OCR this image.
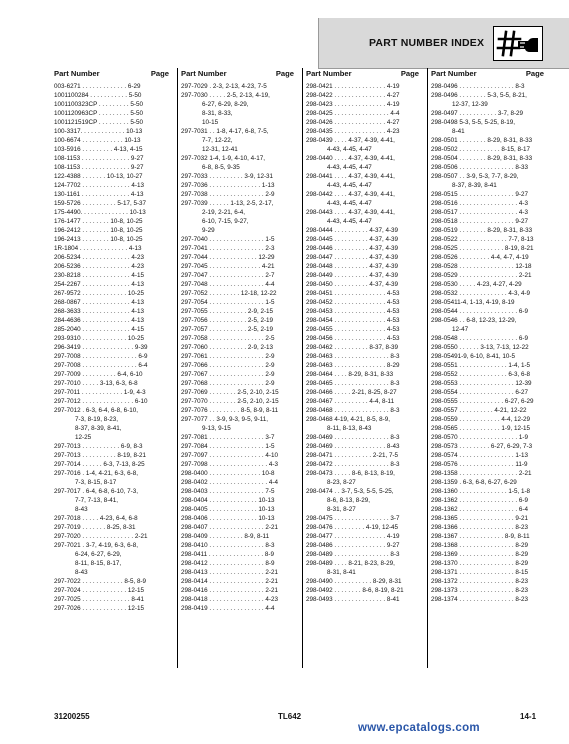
PART NUMBER INDEX
Part Number	Page
003-6271 . . . . . . . . . . . . . 6-29
1001100284 . . . . . . . . . . . 5-50
1001100323CP . . . . . . . . . 5-50
1001120963CP . . . . . . . . . 5-50
1001121519CP . . . . . . . . . 5-50
100-3317. . . . . . . . . . . . . 10-13
100-6674 . . . . . . . . . . . . 10-13
103-5916 . . . . . . . . . 4-13, 4-15
108-1153 . . . . . . . . . . . . . . 9-27
108-1153 . . . . . . . . . . . . . . 9-27
122-4388 . . . . . . . 10-13, 10-27
124-7702 . . . . . . . . . . . . . . 4-13
130-1161 . . . . . . . . . . . . . . 4-13
159-5726 . . . . . . . . . . 5-17, 5-37
175-4490. . . . . . . . . . . . . . 10-13
176-1477 . . . . . . . . 10-8, 10-25
196-2412 . . . . . . . . 10-8, 10-25
196-2413 . . . . . . . . 10-8, 10-25
1R-1804 . . . . . . . . . . . . . . 4-13
206-5234 . . . . . . . . . . . . . . 4-23
206-5236 . . . . . . . . . . . . . . 4-23
230-8218 . . . . . . . . . . . . . . 4-15
254-2267 . . . . . . . . . . . . . . 4-13
267-9572 . . . . . . . . . . . . . 10-25
268-0867 . . . . . . . . . . . . . . 4-13
268-3633 . . . . . . . . . . . . . . 4-13
284-4636 . . . . . . . . . . . . . . 4-13
285-2040 . . . . . . . . . . . . . . 4-15
293-9310 . . . . . . . . . . . . . 10-25
296-3419 . . . . . . . . . . . . . . . 9-39
297-7008 . . . . . . . . . . . . . . . . 6-9
297-7008 . . . . . . . . . . . . . . . . 6-4
297-7009 . . . . . . . . . . 6-4, 6-10
297-7010 . . . . . 3-13, 6-3, 6-8
297-7011 . . . . . . . . . . . . 1-9, 4-3
297-7012 . . . . . . . . . . . . . . . 6-10
297-7012 . 6-3, 6-4, 6-8, 6-10,
7-3, 8-19, 8-23,
8-37, 8-39, 8-41,
12-25
297-7013 . . . . . . . . . . . 6-9, 8-3
297-7013 . . . . . . . . . . 8-19, 8-21
297-7014 . . . . . . 6-3, 7-13, 8-25
297-7016 . 1-4, 4-21, 6-3, 6-8,
7-3, 8-15, 8-17
297-7017 . 6-4, 6-8, 6-10, 7-3,
7-7, 7-13, 8-41,
8-43
297-7018 . . . . . 4-23, 6-4, 6-8
297-7019 . . . . . . . 8-25, 8-31
297-7020 . . . . . . . . . . . . . . . 2-21
297-7021 . 3-7, 4-19, 6-3, 6-8,
6-24, 6-27, 6-29,
8-11, 8-15, 8-17,
8-43
297-7022 . . . . . . . . . . . . 8-5, 8-9
297-7024 . . . . . . . . . . . . . 12-15
297-7025 . . . . . . . . . . . . . . 8-41
297-7026 . . . . . . . . . . . . . 12-15
Part Number	Page
297-7029 . 2-3, 2-13, 4-23, 7-5
297-7030 . . . . . 2-5, 2-13, 4-19,
6-27, 6-29, 8-29,
8-31, 8-33,
10-15
297-7031 . . 1-8, 4-17, 6-8, 7-5,
7-7, 12-22,
12-31, 12-41
297-7032 1-4, 1-9, 4-10, 4-17,
6-8, 8-5, 9-35
297-7033 . . . . . . . . . . 3-9, 12-31
297-7036 . . . . . . . . . . . . . . . 1-13
297-7038 . . . . . . . . . . . . . . . . 2-9
297-7039 . . . . . . 1-13, 2-5, 2-17,
2-19, 2-21, 6-4,
6-10, 7-15, 9-27,
9-29
297-7040 . . . . . . . . . . . . . . . . 1-5
297-7041 . . . . . . . . . . . . . . . . 2-3
297-7044 . . . . . . . . . . . . . . 12-29
297-7045 . . . . . . . . . . . . . . . 4-21
297-7047 . . . . . . . . . . . . . . . . 2-7
297-7048 . . . . . . . . . . . . . . . . 4-4
297-7052 . . . . . . . . . 12-18, 12-22
297-7054 . . . . . . . . . . . . . . . . 1-5
297-7055 . . . . . . . . . . . 2-9, 2-15
297-7056 . . . . . . . . . . . 2-5, 2-19
297-7057 . . . . . . . . . . . 2-5, 2-19
297-7058 . . . . . . . . . . . . . . . . 2-5
297-7060 . . . . . . . . . . . 2-9, 2-13
297-7061 . . . . . . . . . . . . . . . . 2-9
297-7066 . . . . . . . . . . . . . . . . 2-9
297-7067 . . . . . . . . . . . . . . . . 2-9
297-7068 . . . . . . . . . . . . . . . . 2-9
297-7069 . . . . . . . . 2-5, 2-10, 2-15
297-7070 . . . . . . . . 2-5, 2-10, 2-15
297-7076 . . . . . . . . . 8-5, 8-9, 8-11
297-7077 . . 3-9, 9-3, 9-5, 9-11,
9-13, 9-15
297-7081 . . . . . . . . . . . . . . . . 3-7
297-7084 . . . . . . . . . . . . . . . . 1-5
297-7097 . . . . . . . . . . . . . . . . 4-10
297-7098 . . . . . . . . . . . . . . . . . 4-3
298-0400 . . . . . . . . . . . . . . . 10-8
298-0402 . . . . . . . . . . . . . . . . . 4-4
298-0403 . . . . . . . . . . . . . . . . 7-5
298-0404 . . . . . . . . . . . . . . 10-13
298-0405 . . . . . . . . . . . . . . 10-13
298-0406 . . . . . . . . . . . . . . 10-13
298-0407 . . . . . . . . . . . . . . . . 2-21
298-0409 . . . . . . . . . . 8-9, 8-11
298-0410 . . . . . . . . . . . . . . . . 8-3
298-0411 . . . . . . . . . . . . . . . . 8-9
298-0412 . . . . . . . . . . . . . . . . 8-9
298-0413 . . . . . . . . . . . . . . . . 2-21
298-0414 . . . . . . . . . . . . . . . . 2-21
298-0416 . . . . . . . . . . . . . . . . 2-21
298-0418 . . . . . . . . . . . . . . . . 4-23
298-0419 . . . . . . . . . . . . . . . . 4-4
Part Number	Page
298-0421 . . . . . . . . . . . . . . . 4-19
298-0422 . . . . . . . . . . . . . . . 4-27
298-0423 . . . . . . . . . . . . . . . 4-19
298-0425 . . . . . . . . . . . . . . . . 4-4
298-0426 . . . . . . . . . . . . . . . 4-27
298-0435 . . . . . . . . . . . . . . . 4-23
298-0439 . . . . 4-37, 4-39, 4-41,
4-43, 4-45, 4-47
298-0440 . . . . 4-37, 4-39, 4-41,
4-43, 4-45, 4-47
298-0441 . . . . 4-37, 4-39, 4-41,
4-43, 4-45, 4-47
298-0442 . . . . 4-37, 4-39, 4-41,
4-43, 4-45, 4-47
298-0443 . . . . 4-37, 4-39, 4-41,
4-43, 4-45, 4-47
298-0444 . . . . . . . . . . 4-37, 4-39
298-0445 . . . . . . . . . . 4-37, 4-39
298-0446 . . . . . . . . . . 4-37, 4-39
298-0447 . . . . . . . . . . 4-37, 4-39
298-0448 . . . . . . . . . . 4-37, 4-39
298-0449 . . . . . . . . . . 4-37, 4-39
298-0450 . . . . . . . . . . 4-37, 4-39
298-0451 . . . . . . . . . . . . . . . 4-53
298-0452 . . . . . . . . . . . . . . . 4-53
298-0453 . . . . . . . . . . . . . . . 4-53
298-0454 . . . . . . . . . . . . . . . 4-53
298-0455 . . . . . . . . . . . . . . . 4-53
298-0456 . . . . . . . . . . . . . . . 4-53
298-0462 . . . . . . . . . . 8-37, 8-39
298-0463 . . . . . . . . . . . . . . . . 8-3
298-0463 . . . . . . . . . . . . . . . 8-29
298-0464 . . . . 8-29, 8-31, 8-33
298-0465 . . . . . . . . . . . . . . . . 8-3
298-0466 . . . . . 2-21, 8-25, 8-27
298-0467 . . . . . . . . . . 4-4, 8-11
298-0468 . . . . . . . . . . . . . . . . 8-3
298-0468 4-19, 4-21, 8-5, 8-9,
8-11, 8-13, 8-43
298-0469 . . . . . . . . . . . . . . . . 8-3
298-0469 . . . . . . . . . . . . . . . 8-43
298-0471 . . . . . . . . . . . 2-21, 7-5
298-0472 . . . . . . . . . . . . . . . . 8-3
298-0473 . . . . . 8-6, 8-13, 8-19,
8-23, 8-27
298-0474 . . 3-7, 5-3, 5-5, 5-25,
8-6, 8-13, 8-29,
8-31, 8-27
298-0475 . . . . . . . . . . . . . . . . 3-7
298-0476 . . . . . . . . . 4-19, 12-45
298-0477 . . . . . . . . . . . . . . . 4-19
298-0486 . . . . . . . . . . . . . . . 9-27
298-0489 . . . . . . . . . . . . . . . . 8-3
298-0489 . . . . 8-21, 8-23, 8-29,
8-31, 8-41
298-0490 . . . . . . . . . . . 8-29, 8-31
298-0492 . . . . . . . . 8-6, 8-19, 8-21
298-0493 . . . . . . . . . . . . . . . 8-41
Part Number	Page
298-0496 . . . . . . . . . . . . . . . . 8-3
298-0496 . . . . . . . . 5-3, 5-5, 8-21,
12-37, 12-39
298-0497 . . . . . . . . . . . 3-7, 8-29
298-0498 5-3, 5-5, 5-25, 8-19,
8-41
298-0501 . . . . . . . . 8-29, 8-31, 8-33
298-0502 . . . . . . . . . . . . 8-15, 8-17
298-0504 . . . . . . . . 8-29, 8-31, 8-33
298-0506 . . . . . . . . . . . . . . . . 8-33
298-0507 . . 3-9, 5-3, 7-7, 8-29,
8-37, 8-39, 8-41
298-0515 . . . . . . . . . . . . . . . . 9-27
298-0516 . . . . . . . . . . . . . . . . . 4-3
298-0517 . . . . . . . . . . . . . . . . . 4-3
298-0518 . . . . . . . . . . . . . . . . 9-27
298-0519 . . . . . . . . 8-29, 8-31, 8-33
298-0522 . . . . . . . . . . . . . . 7-7, 8-13
298-0525 . . . . . . . . . . . . . 8-19, 8-21
298-0526 . . . . . . . . . 4-4, 4-7, 4-19
298-0528 . . . . . . . . . . . . . . . . 12-18
298-0529 . . . . . . . . . . . . . . . . . 2-21
298-0530 . . . . . 4-23, 4-27, 4-29
298-0532 . . . . . . . . . . . . . . 4-3, 4-9
298-05411-4, 1-13, 4-19, 8-19
298-0544 . . . . . . . . . . . . . . . . . 6-9
298-0546 . . 6-8, 12-23, 12-29,
12-47
298-0548 . . . . . . . . . . . . . . . . . 6-9
298-0550 . . . . . . 3-13, 7-13, 12-22
298-05491-9, 6-10, 8-41, 10-5
298-0551 . . . . . . . . . . . . . . 1-4, 1-5
298-0552 . . . . . . . . . . . . . . 6-3, 6-8
298-0553 . . . . . . . . . . . . . . . . 12-39
298-0554 . . . . . . . . . . . . . . . . 6-27
298-0555 . . . . . . . . . . . . . 6-27, 6-29
298-0557 . . . . . . . . . . 4-21, 12-22
298-0559 . . . . . . . . . . . . 4-4, 12-29
298-0565 . . . . . . . . . . . . 1-9, 12-15
298-0570 . . . . . . . . . . . . . . . . . 1-9
298-0573 . . . . . . . . . 6-27, 6-29, 7-3
298-0574 . . . . . . . . . . . . . . . . 1-13
298-0576 . . . . . . . . . . . . . . . . 11-9
298-1358 . . . . . . . . . . . . . . . . . 2-21
298-1359 . 6-3, 6-8, 6-27, 6-29
298-1360 . . . . . . . . . . . . . . 1-5, 1-8
298-1362 . . . . . . . . . . . . . . . . . 6-9
298-1362 . . . . . . . . . . . . . . . . . 6-4
298-1365 . . . . . . . . . . . . . . . . 9-21
298-1366 . . . . . . . . . . . . . . . . 8-23
298-1367 . . . . . . . . . . . . . 8-9, 8-11
298-1368 . . . . . . . . . . . . . . . . 8-29
298-1369 . . . . . . . . . . . . . . . . 8-29
298-1370 . . . . . . . . . . . . . . . . 8-29
298-1371 . . . . . . . . . . . . . . . . 8-15
298-1372 . . . . . . . . . . . . . . . . 8-23
298-1373 . . . . . . . . . . . . . . . . 8-23
298-1374 . . . . . . . . . . . . . . . . 8-23
31200255	TL642	14-1
www.epcatalogs.com
